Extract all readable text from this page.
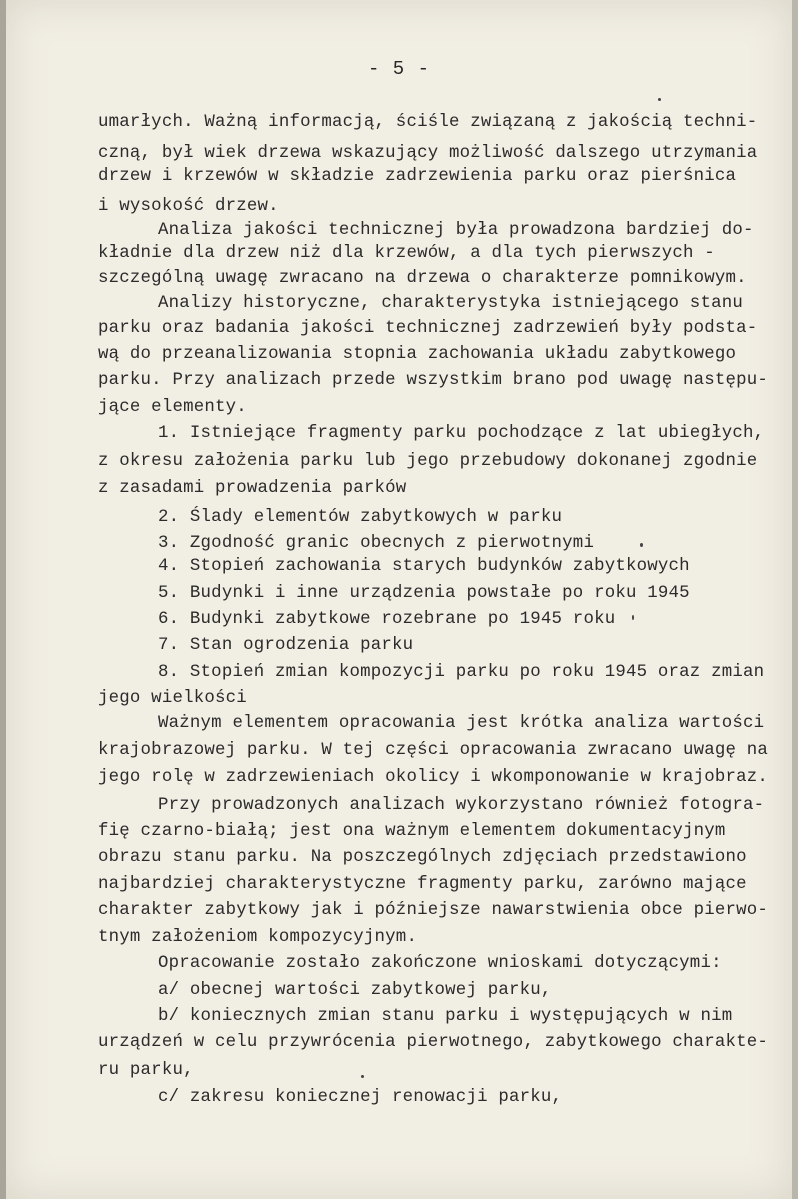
- 5 -
umarłych. Ważną informacją, ściśle związaną z jakością techni-
czną, był wiek drzewa wskazujący możliwość dalszego utrzymania
drzew i krzewów w składzie zadrzewienia parku oraz pierśnica
i wysokość drzew.
Analiza jakości technicznej była prowadzona bardziej do-
kładnie dla drzew niż dla krzewów, a dla tych pierwszych -
szczególną uwagę zwracano na drzewa o charakterze pomnikowym.
Analizy historyczne, charakterystyka istniejącego stanu
parku oraz badania jakości technicznej zadrzewień były podsta-
wą do przeanalizowania stopnia zachowania układu zabytkowego
parku. Przy analizach przede wszystkim brano pod uwagę następu-
jące elementy.
1. Istniejące fragmenty parku pochodzące z lat ubiegłych,
z okresu założenia parku lub jego przebudowy dokonanej zgodnie
z zasadami prowadzenia parków
2. Ślady elementów zabytkowych w parku
3. Zgodność granic obecnych z pierwotnymi
4. Stopień zachowania starych budynków zabytkowych
5. Budynki i inne urządzenia powstałe po roku 1945
6. Budynki zabytkowe rozebrane po 1945 roku
7. Stan ogrodzenia parku
8. Stopień zmian kompozycji parku po roku 1945 oraz zmian
jego wielkości
Ważnym elementem opracowania jest krótka analiza wartości
krajobrazowej parku. W tej części opracowania zwracano uwagę na
jego rolę w zadrzewieniach okolicy i wkomponowanie w krajobraz.
Przy prowadzonych analizach wykorzystano również fotogra-
fię czarno-białą; jest ona ważnym elementem dokumentacyjnym
obrazu stanu parku. Na poszczególnych zdjęciach przedstawiono
najbardziej charakterystyczne fragmenty parku, zarówno mające
charakter zabytkowy jak i późniejsze nawarstwienia obce pierwo-
tnym założeniom kompozycyjnym.
Opracowanie zostało zakończone wnioskami dotyczącymi:
a/ obecnej wartości zabytkowej parku,
b/ koniecznych zmian stanu parku i występujących w nim
urządzeń w celu przywrócenia pierwotnego, zabytkowego charakte-
ru parku,
c/ zakresu koniecznej renowacji parku,
